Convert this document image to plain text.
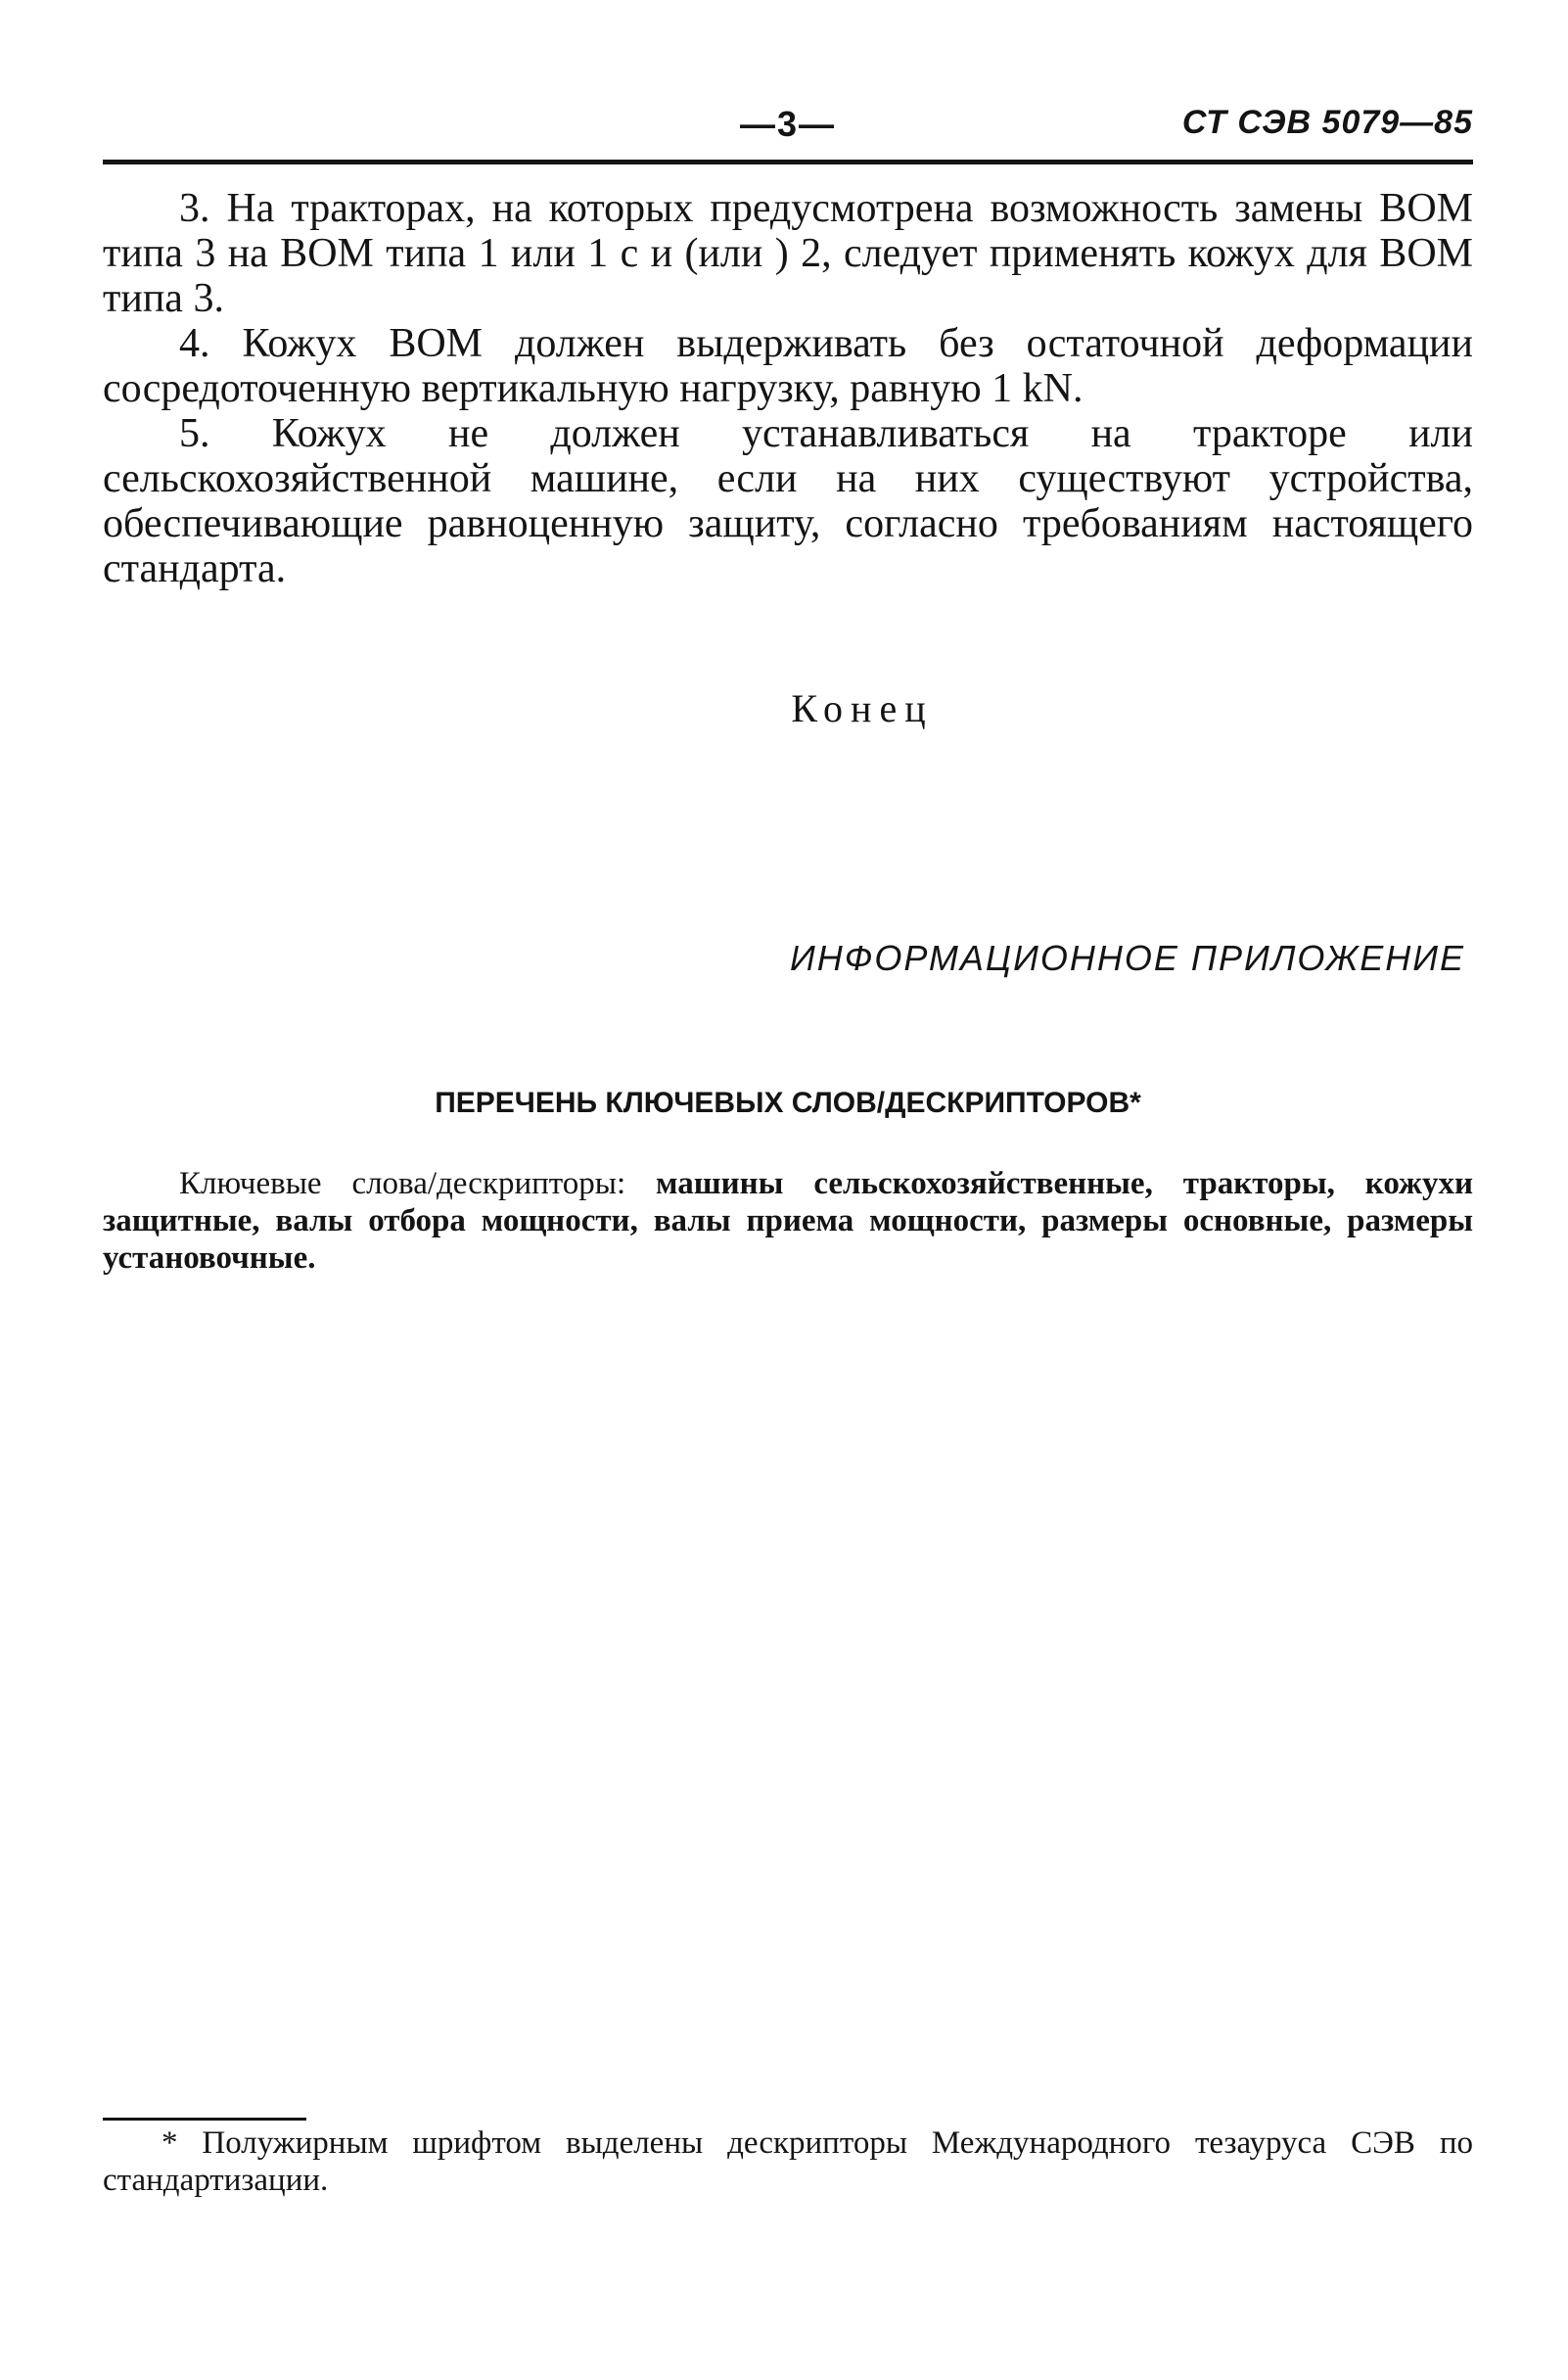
—3—	СТ СЭВ 5079—85

3. На тракторах, на которых предусмотрена возможность замены ВОМ типа 3 на ВОМ типа 1 или 1 с и (или ) 2, следует применять кожух для ВОМ типа 3.

4. Кожух ВОМ должен выдерживать без остаточной деформации сосредоточенную вертикальную нагрузку, равную 1 kN.

5. Кожух не должен устанавливаться на тракторе или сельскохозяйственной машине, если на них существуют устройства, обеспечивающие равноценную защиту, согласно требованиям настоящего стандарта.

Конец
ИНФОРМАЦИОННОЕ ПРИЛОЖЕНИЕ
ПЕРЕЧЕНЬ КЛЮЧЕВЫХ СЛОВ/ДЕСКРИПТОРОВ*
Ключевые слова/дескрипторы: машины сельскохозяйственные, тракторы, кожухи защитные, валы отбора мощности, валы приема мощности, размеры основные, размеры установочные.
* Полужирным шрифтом выделены дескрипторы Международного тезауруса СЭВ по стандартизации.
